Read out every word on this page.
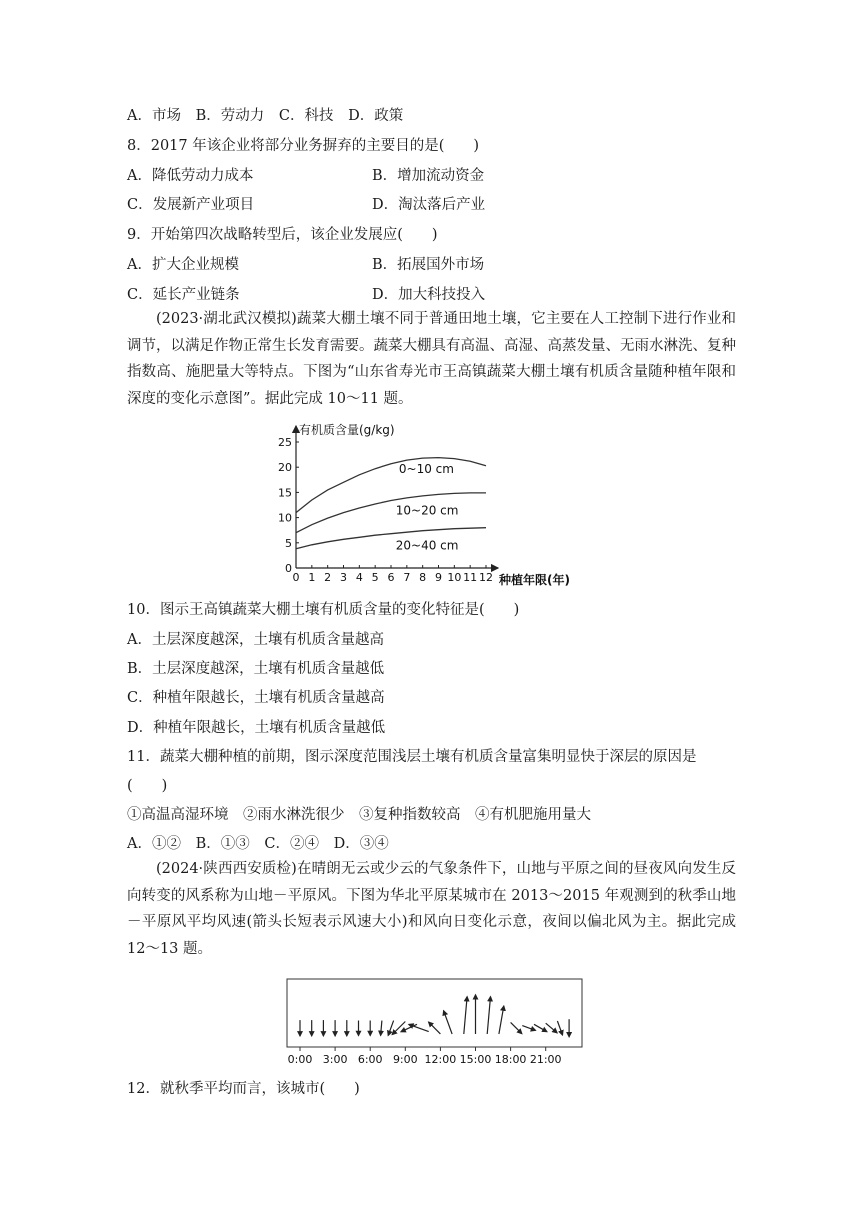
A．市场 B．劳动力 C．科技 D．政策
8．2017 年该企业将部分业务摒弃的主要目的是(　　)
A．降低劳动力成本	B．增加流动资金
C．发展新产业项目	D．淘汰落后产业
9．开始第四次战略转型后，该企业发展应(　　)
A．扩大企业规模	B．拓展国外市场
C．延长产业链条	D．加大科技投入
(2023·湖北武汉模拟)蔬菜大棚土壤不同于普通田地土壤，它主要在人工控制下进行作业和调节，以满足作物正常生长发育需要。蔬菜大棚具有高温、高湿、高蒸发量、无雨水淋洗、复种指数高、施肥量大等特点。下图为“山东省寿光市王高镇蔬菜大棚土壤有机质含量随种植年限和深度的变化示意图”。据此完成 10～11 题。
有机质含量(g/kg)
种植年限(年)
0
5
10
15
20
25
0 1 2 3 4 5 6 7 8 9 10 11 12
0~10 cm
10~20 cm
20~40 cm
10．图示王高镇蔬菜大棚土壤有机质含量的变化特征是(　　)
A．土层深度越深，土壤有机质含量越高
B．土层深度越深，土壤有机质含量越低
C．种植年限越长，土壤有机质含量越高
D．种植年限越长，土壤有机质含量越低
11．蔬菜大棚种植的前期，图示深度范围浅层土壤有机质含量富集明显快于深层的原因是
(　　)
①高温高湿环境　②雨水淋洗很少　③复种指数较高　④有机肥施用量大
A．①② B．①③ C．②④ D．③④
(2024·陕西西安质检)在晴朗无云或少云的气象条件下，山地与平原之间的昼夜风向发生反向转变的风系称为山地－平原风。下图为华北平原某城市在 2013～2015 年观测到的秋季山地－平原风平均风速(箭头长短表示风速大小)和风向日变化示意，夜间以偏北风为主。据此完成 12～13 题。
0:00 3:00 6:00 9:00 12:00 15:00 18:00 21:00
12．就秋季平均而言，该城市(　　)
